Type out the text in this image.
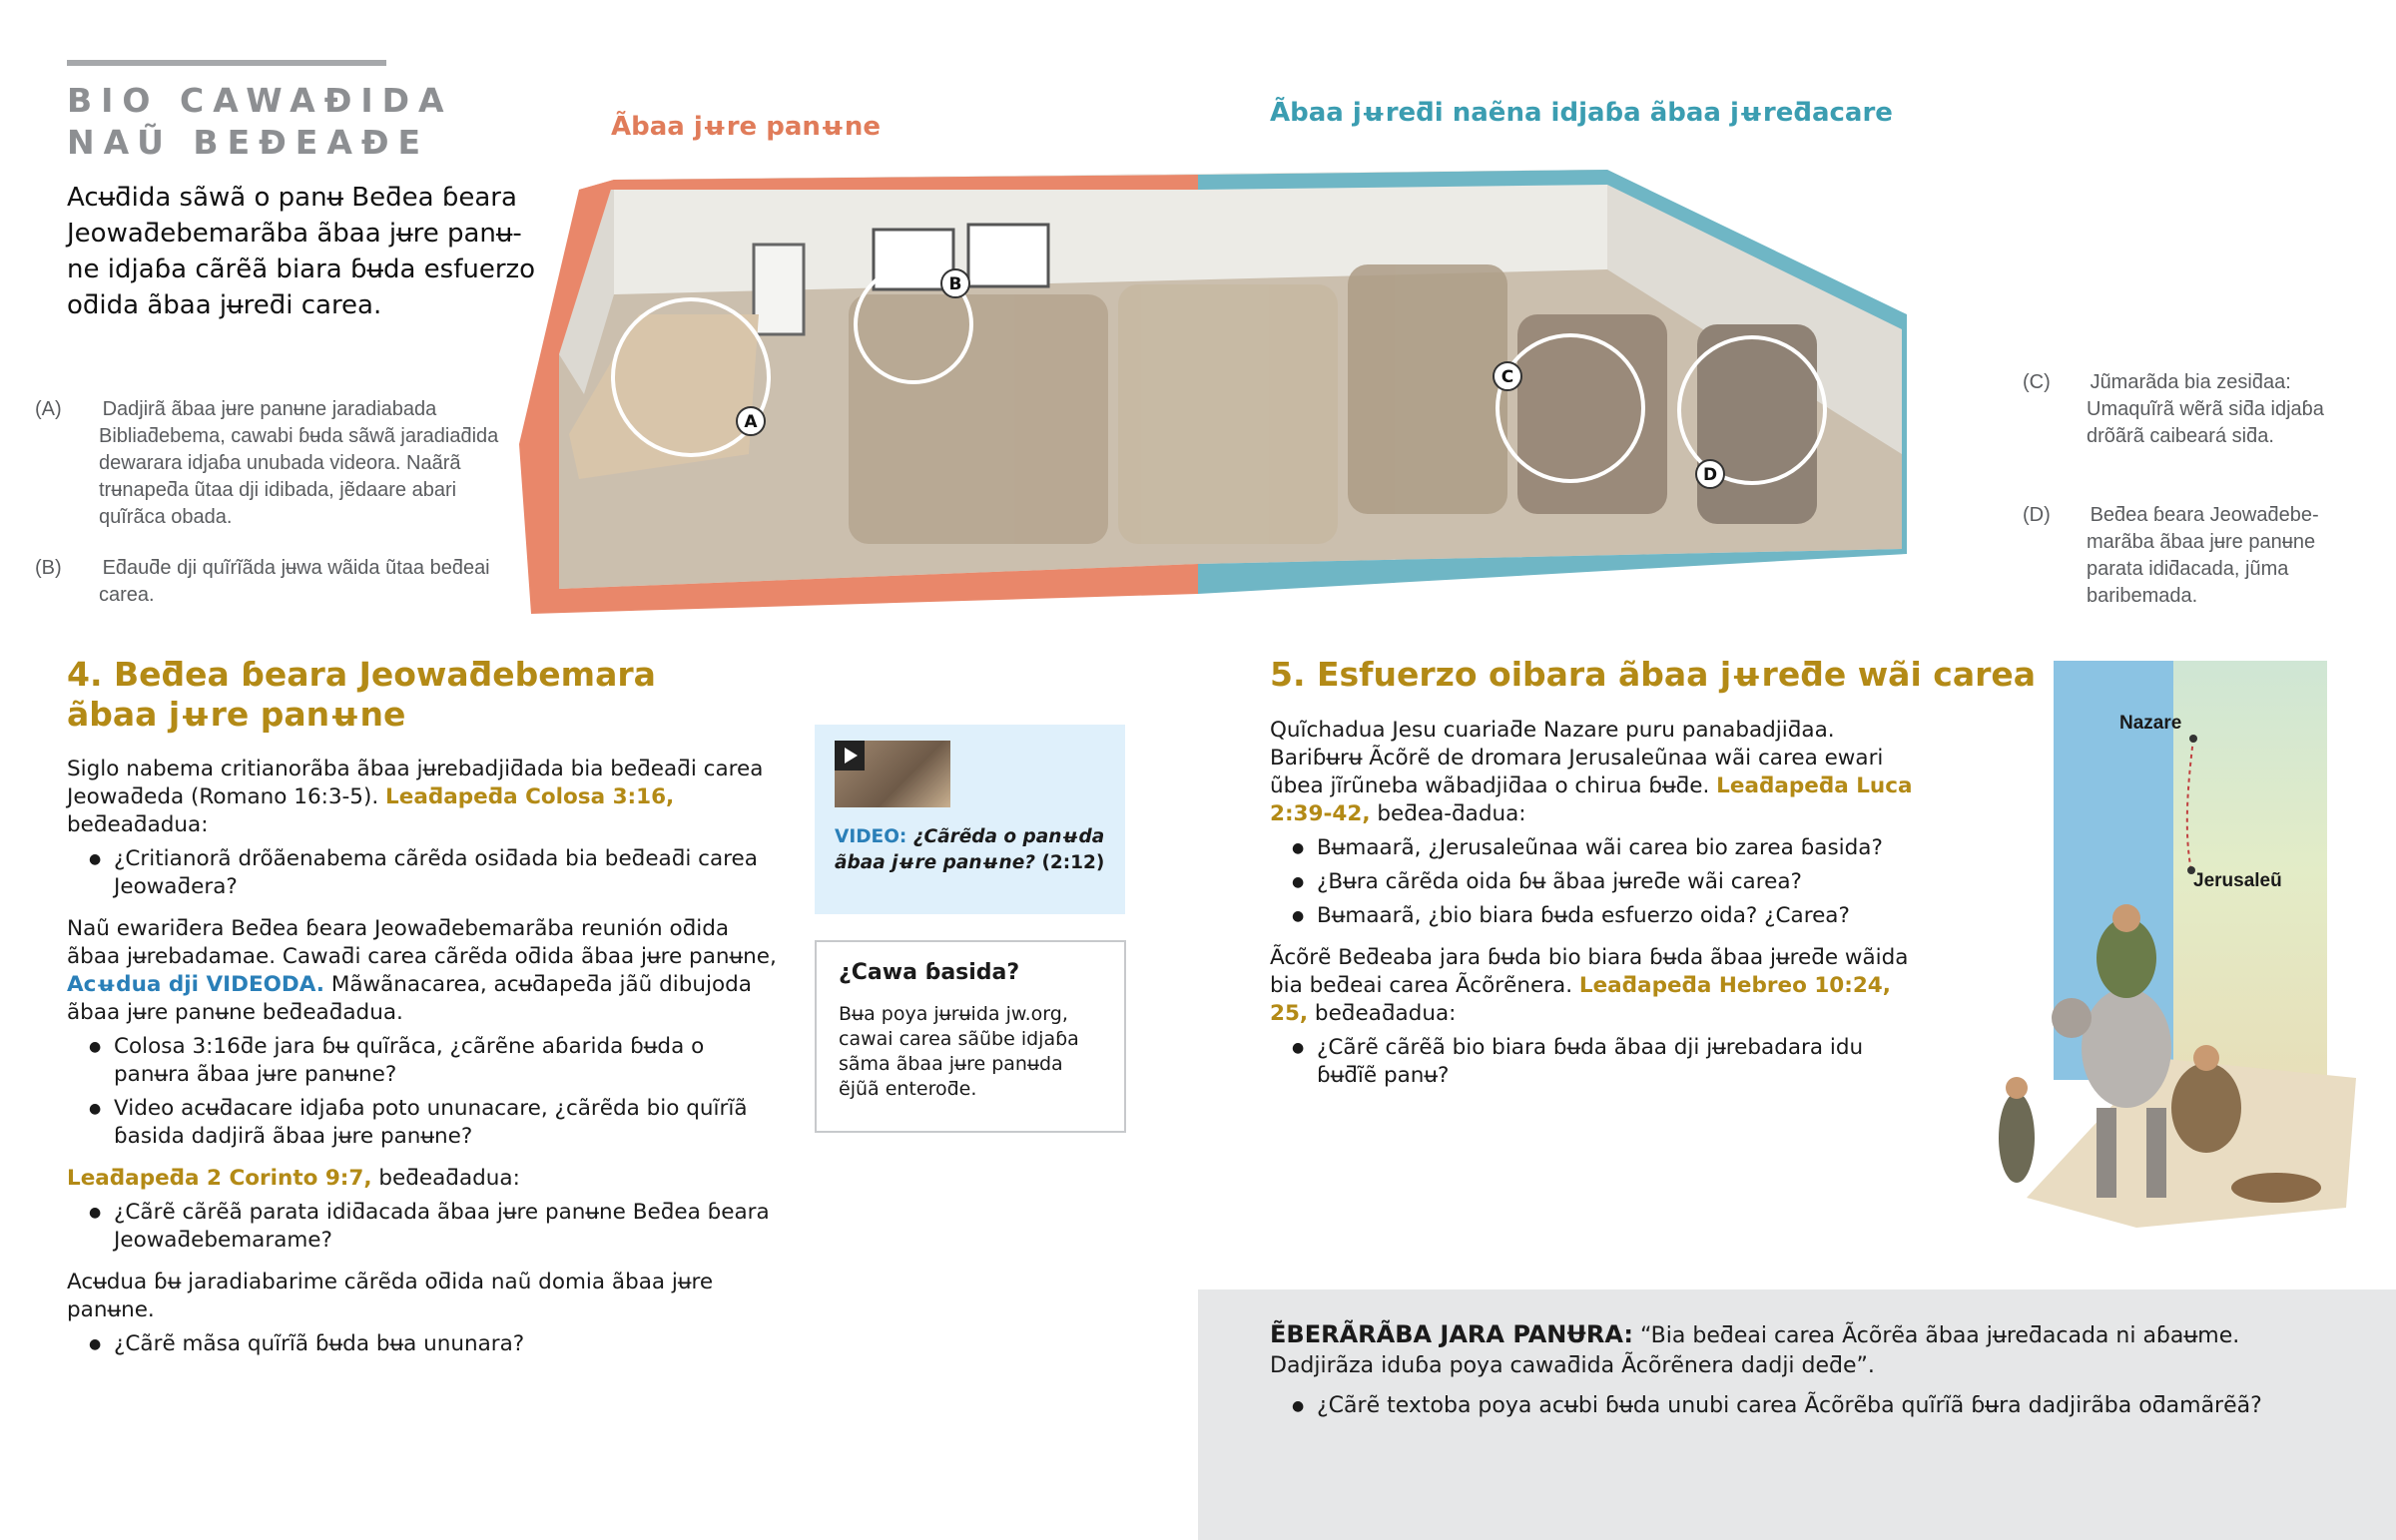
BIO CAWAƉIDA
NAŨ BEƉEAƉE
Acʉƌida sãwã o panʉ Beƌea ɓeara Jeowaƌebemarãba ãbaa jʉre panʉ-ne idjaɓa cãrẽã biara ɓʉda esfuerzo oƌida ãbaa jʉreƌi carea.
(A) Dadjirã ãbaa jʉre panʉne jaradiabada Bibliaƌebema, cawabi ɓʉda sãwã jaradiaƌida dewarara idjaɓa unubada videora. Naãrã trʉnapeƌa ũtaa dji idibada, jẽdaare abari quĩrãca obada.
(B) Eƌauƌe dji quĩrĩãda jʉwa wãida ũtaa beƌeai carea.
(C) Jũmarãda bia zesiƌaa: Umaquĩrã wẽrã siƌa idjaɓa drõãrã caibeará siƌa.
(D) Beƌea ɓeara Jeowaƌebe-marãba ãbaa jʉre panʉne parata idiƌacada, jũma baribemada.
Ãbaa jʉre panʉne	Ãbaa jʉreƌi naẽna idjaɓa ãbaa jʉreƌacare
A
B
C
D
4. Beƌea ɓeara Jeowaƌebemara
ãbaa jʉre panʉne

Siglo nabema critianorãba ãbaa jʉrebadjiƌada bia beƌeaƌi carea Jeowaƌeda (Romano 16:3-5). Leaƌapeƌa Colosa 3:16, beƌeaƌadua:

● ¿Critianorã drõãenabema cãrẽda osiƌada bia beƌeaƌi carea Jeowaƌera?

Naũ ewariƌera Beƌea ɓeara Jeowaƌebemarãba reunión oƌida ãbaa jʉrebadamae. Cawaƌi carea cãrẽda oƌida ãbaa jʉre panʉne, Acʉdua dji VIDEODA. Mãwãnacarea, acʉƌapeƌa jãũ dibujoda ãbaa jʉre panʉne beƌeaƌadua.

● Colosa 3:16ƌe jara ɓʉ quĩrãca, ¿cãrẽne aɓarida ɓʉda o panʉra ãbaa jʉre panʉne?
● Video acʉƌacare idjaɓa poto ununacare, ¿cãrẽda bio quĩrĩã ɓasida dadjirã ãbaa jʉre panʉne?

Leaƌapeƌa 2 Corinto 9:7, beƌeaƌadua:

● ¿Cãrẽ cãrẽã parata idiƌacada ãbaa jʉre panʉne Beƌea ɓeara Jeowaƌebemarame?

Acʉdua ɓʉ jaradiabarime cãrẽda oƌida naũ domia ãbaa jʉre panʉne.

● ¿Cãrẽ mãsa quĩrĩã ɓʉda bʉa ununara?
VIDEO: ¿Cãrẽda o panʉda ãbaa jʉre panʉne? (2:12)
¿Cawa ɓasida?
Bʉa poya jʉrʉida jw.org, cawai carea sãũbe idjaɓa sãma ãbaa jʉre panʉda ẽjũã enteroƌe.
5. Esfuerzo oibara ãbaa jʉreƌe wãi carea

Quĩchadua Jesu cuariaƌe Nazare puru panabadjiƌaa. Bariɓʉrʉ Ãcõrẽ de dromara Jerusaleũnaa wãi carea ewari ũbea jĩrũneba wãbadjiƌaa o chirua ɓʉƌe. Leaƌapeƌa Luca 2:39-42, beƌea-ƌadua:

● Bʉmaarã, ¿Jerusaleũnaa wãi carea bio zarea ɓasida?
● ¿Bʉra cãrẽda oida ɓʉ ãbaa jʉreƌe wãi carea?
● Bʉmaarã, ¿bio biara ɓʉda esfuerzo oida? ¿Carea?

Ãcõrẽ Beƌeaba jara ɓʉda bio biara ɓʉda ãbaa jʉreƌe wãida bia beƌeai carea Ãcõrẽnera. Leaƌapeƌa Hebreo 10:24, 25, beƌeaƌadua:

● ¿Cãrẽ cãrẽã bio biara ɓʉda ãbaa dji jʉrebadara idu ɓʉƌĩẽ panʉ?
Nazare
Jerusaleũ

ẼBERÃRÃBA JARA PANɄRA: “Bia beƌeai carea Ãcõrẽa ãbaa jʉreƌacada ni aɓaʉme. Dadjirãza iduɓa poya cawaƌida Ãcõrẽnera dadji deƌe”.

● ¿Cãrẽ textoba poya acʉbi ɓʉda unubi carea Ãcõrẽba quĩrĩã ɓʉra dadjirãba oƌamãrẽã?
